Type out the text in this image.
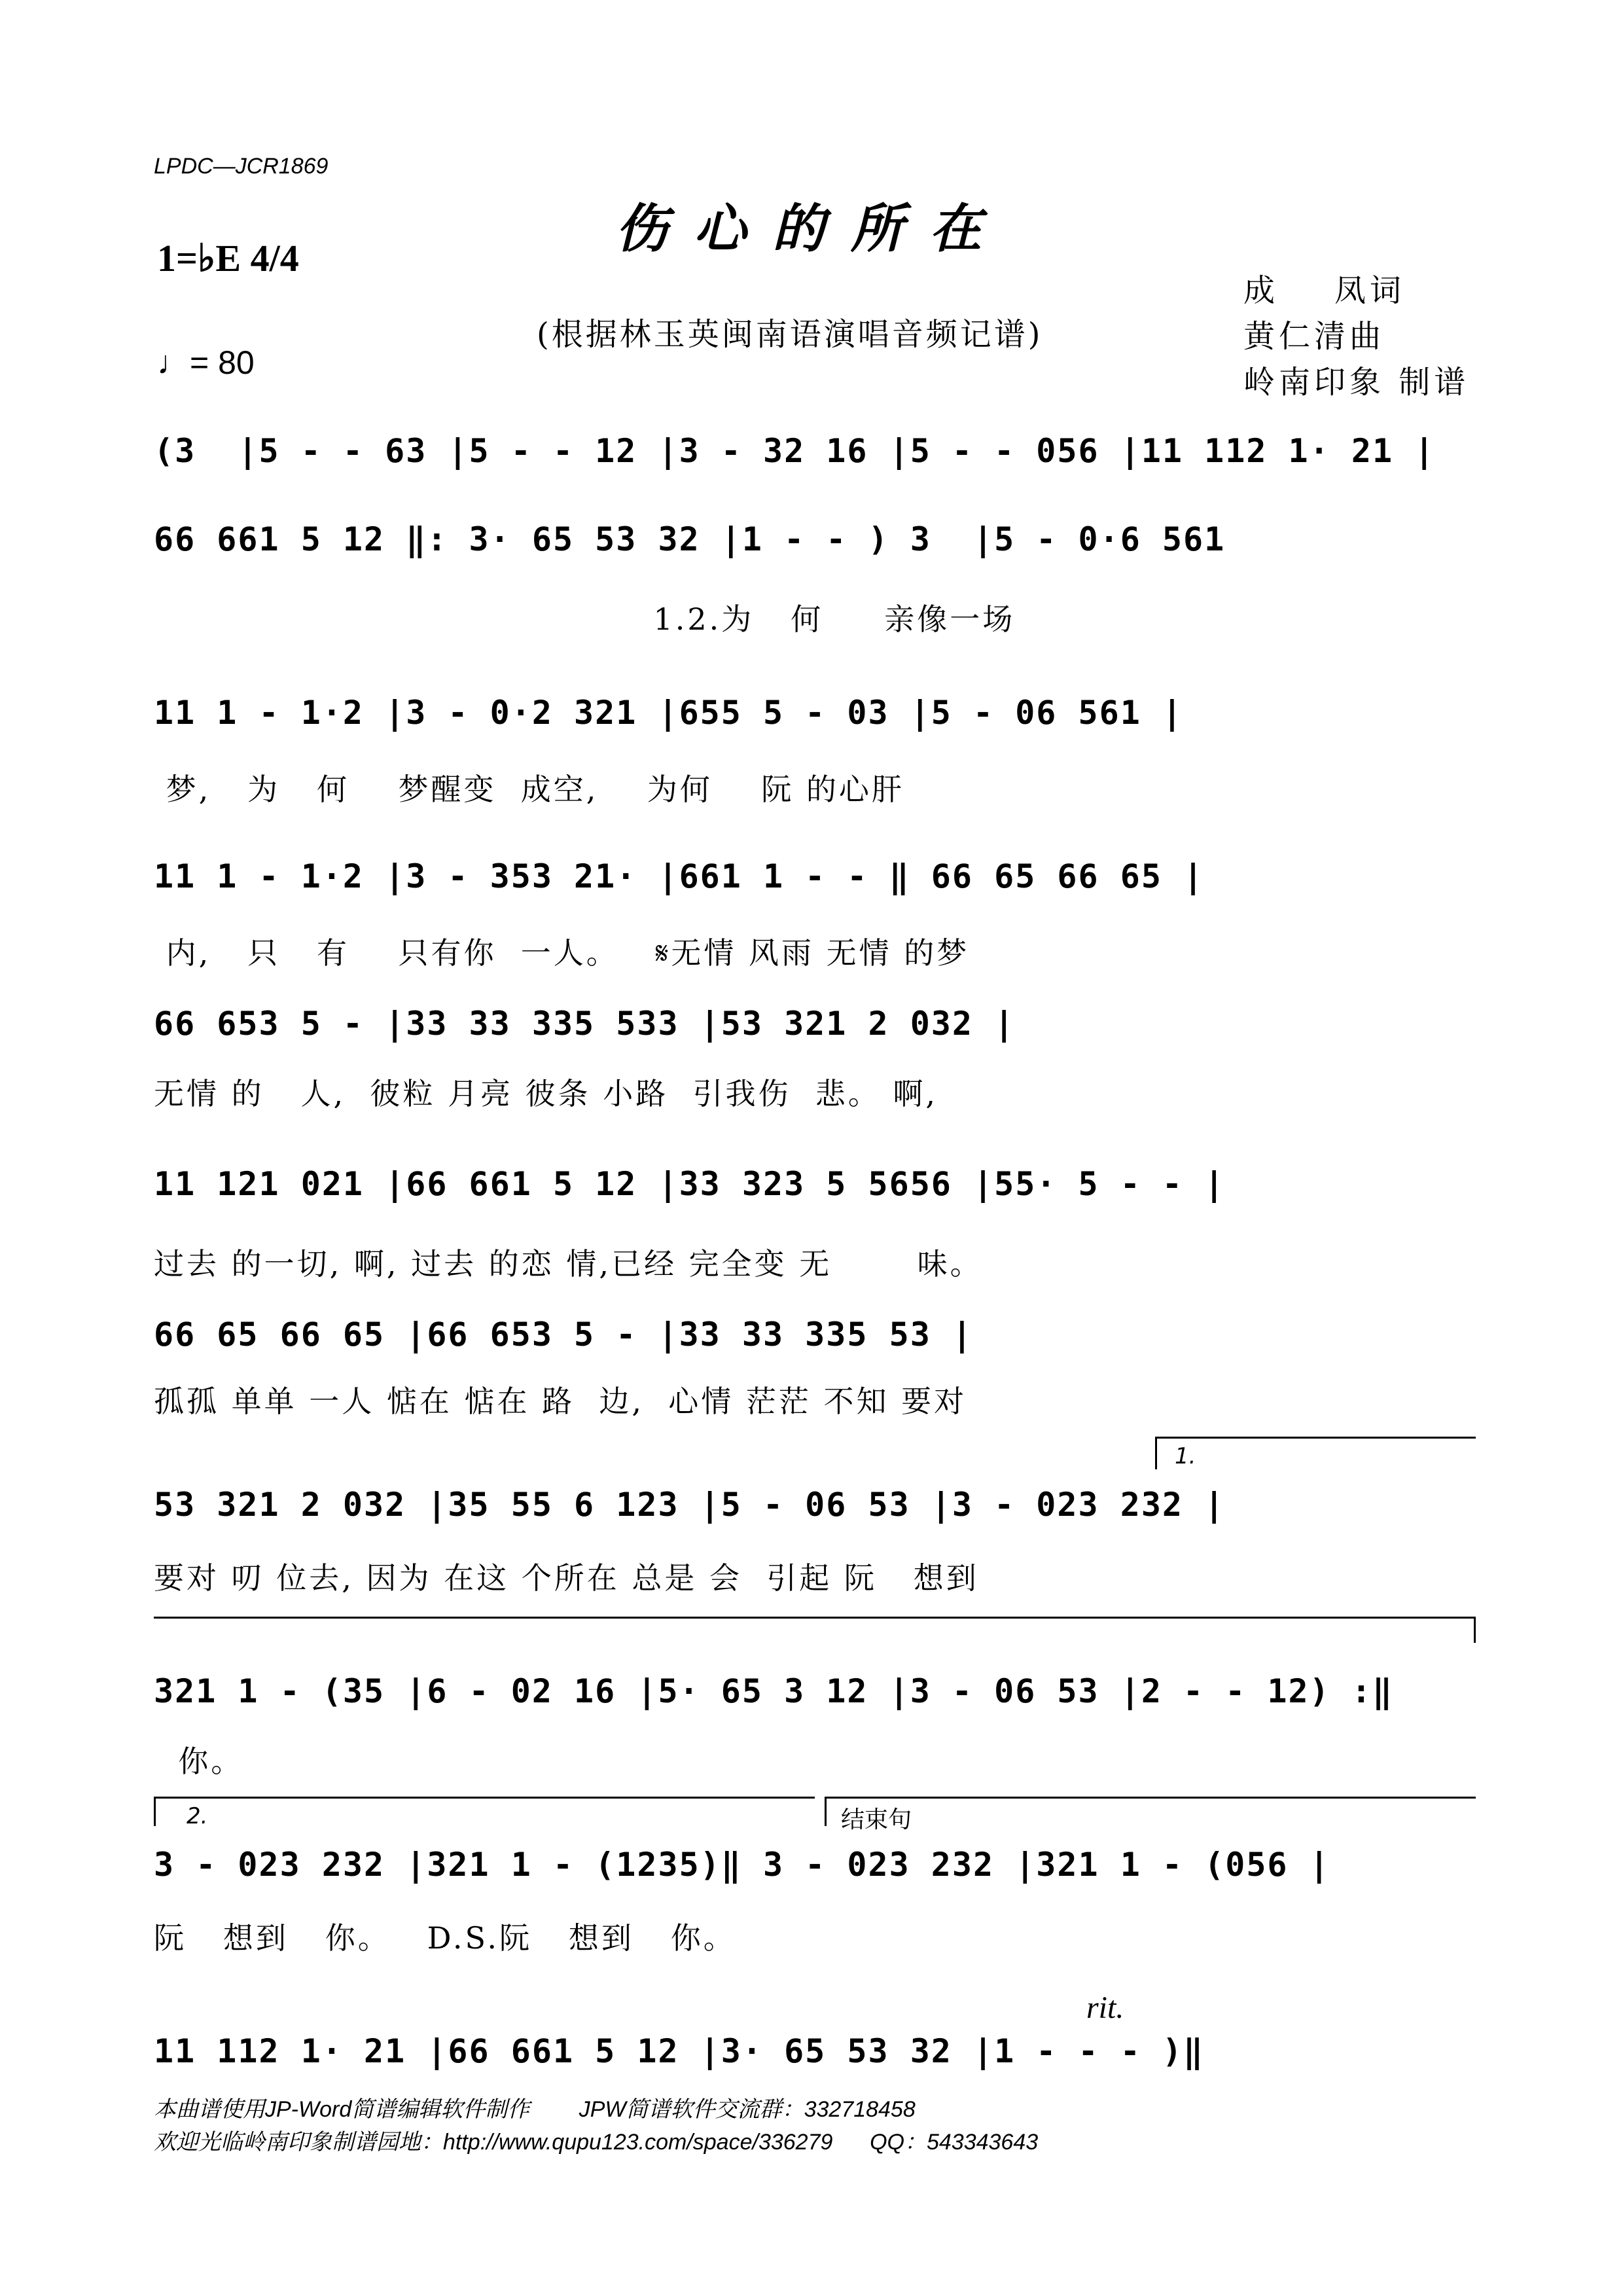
LPDC—JCR1869
伤心的所在
1=♭E 4/4
♩= 80
(根据林玉英闽南语演唱音频记谱)
成    凤词
黄仁清曲
岭南印象 制谱
(3  |5 - - 63 |5 - - 12 |3 - 32 16 |5 - - 056 |11 112 1· 21 |
66 661 5 12 ‖: 3· 65 53 32 |1 - - ) 3  |5 - 0·6 561
1.2.为   何     亲像一场
11 1 - 1·2 |3 - 0·2 321 |655 5 - 03 |5 - 06 561 |
梦,   为   何    梦醒变  成空,    为何    阮 的心肝
11 1 - 1·2 |3 - 353 21· |661 1 - - ‖ 66 65 66 65 |
内,   只   有    只有你  一人。   𝄋无情 风雨 无情 的梦
66 653 5 - |33 33 335 533 |53 321 2 032 |
无情 的   人,  彼粒 月亮 彼条 小路  引我伤  悲。 啊,
11 121 021 |66 661 5 12 |33 323 5 5656 |55· 5 - - |
过去 的一切, 啊, 过去 的恋 情,已经 完全变 无       味。
66 65 66 65 |66 653 5 - |33 33 335 53 |
孤孤 单单 一人 惦在 惦在 路  边,  心情 茫茫 不知 要对
1.
53 321 2 032 |35 55 6 123 |5 - 06 53 |3 - 023 232 |
要对 叨 位去, 因为 在这 个所在 总是 会  引起 阮   想到
321 1 - (35 |6 - 02 16 |5· 65 3 12 |3 - 06 53 |2 - - 12) :‖
你。
2.	结束句
3 - 023 232 |321 1 - (1235)‖ 3 - 023 232 |321 1 - (056 |
阮   想到   你。   D.S.阮   想到   你。
rit.
11 112 1· 21 |66 661 5 12 |3· 65 53 32 |1 - - - )‖
本曲谱使用JP-Word简谱编辑软件制作        JPW简谱软件交流群：332718458
欢迎光临岭南印象制谱园地：http://www.qupu123.com/space/336279      QQ：543343643
